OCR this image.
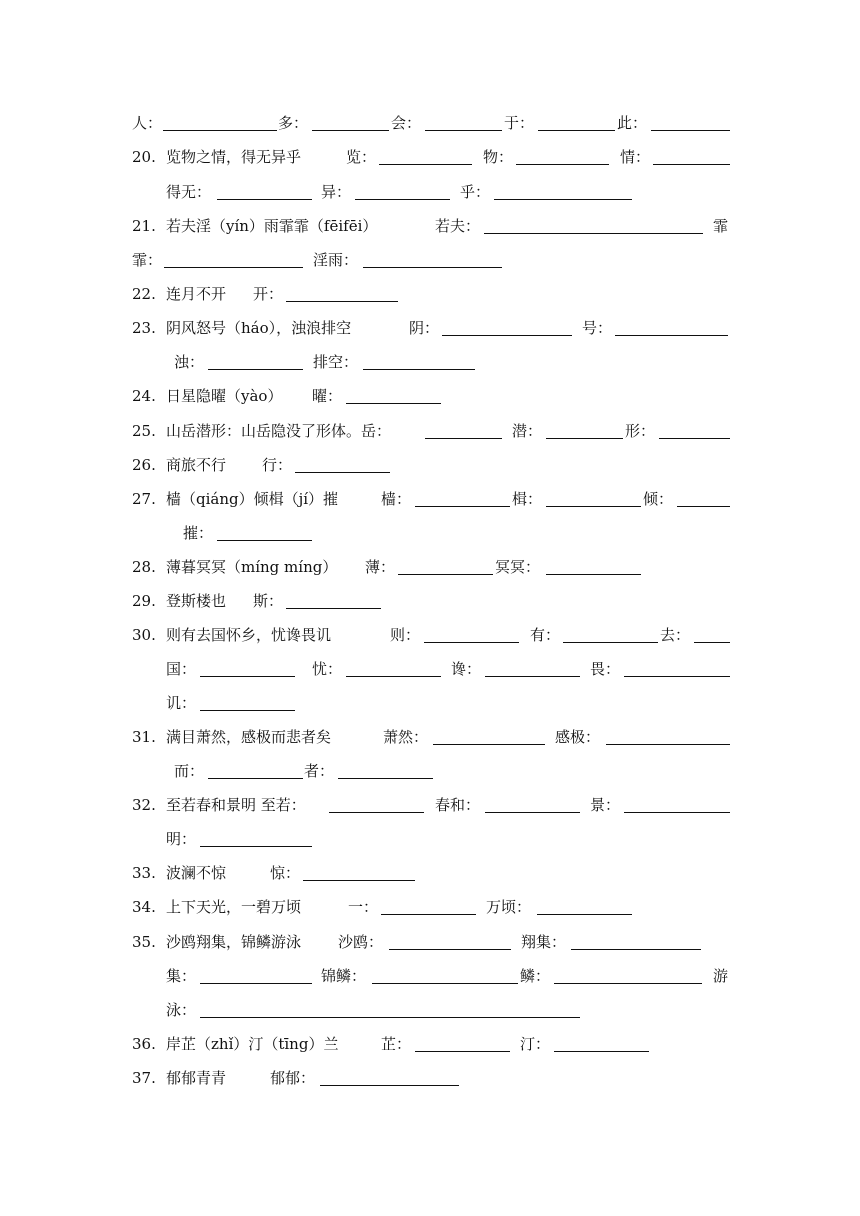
人：	多：	会：	于：	此：
20. 览物之情，得无异乎	览：	物：	情：
得无：	异：	乎：
21. 若夫淫（yín）雨霏霏（fēifēi）	若夫：	霏
霏：	淫雨：
22. 连月不开 开：
23. 阴风怒号（háo），浊浪排空	阴：	号：
浊：	排空：
24. 日星隐曜（yào） 曜：
25. 山岳潜形：山岳隐没了形体。岳：	潜：	形：
26. 商旅不行 行：
27. 樯（qiáng）倾楫（jí）摧	樯：	楫：	倾：
摧：
28. 薄暮冥冥（míng míng） 薄：	冥冥：
29. 登斯楼也 斯：
30. 则有去国怀乡，忧谗畏讥	则：	有：	去：
国：	忧：	谗：	畏：
讥：
31. 满目萧然，感极而悲者矣	萧然：	感极：
而：	者：
32. 至若春和景明 至若：	春和：	景：
明：
33. 波澜不惊	惊：
34. 上下天光，一碧万顷	一：	万顷：
35. 沙鸥翔集，锦鳞游泳 沙鸥：	翔集：
集：	锦鳞：	鳞：	游
泳：
36. 岸芷（zhǐ）汀（tīng）兰	芷：	汀：
37. 郁郁青青	郁郁：
